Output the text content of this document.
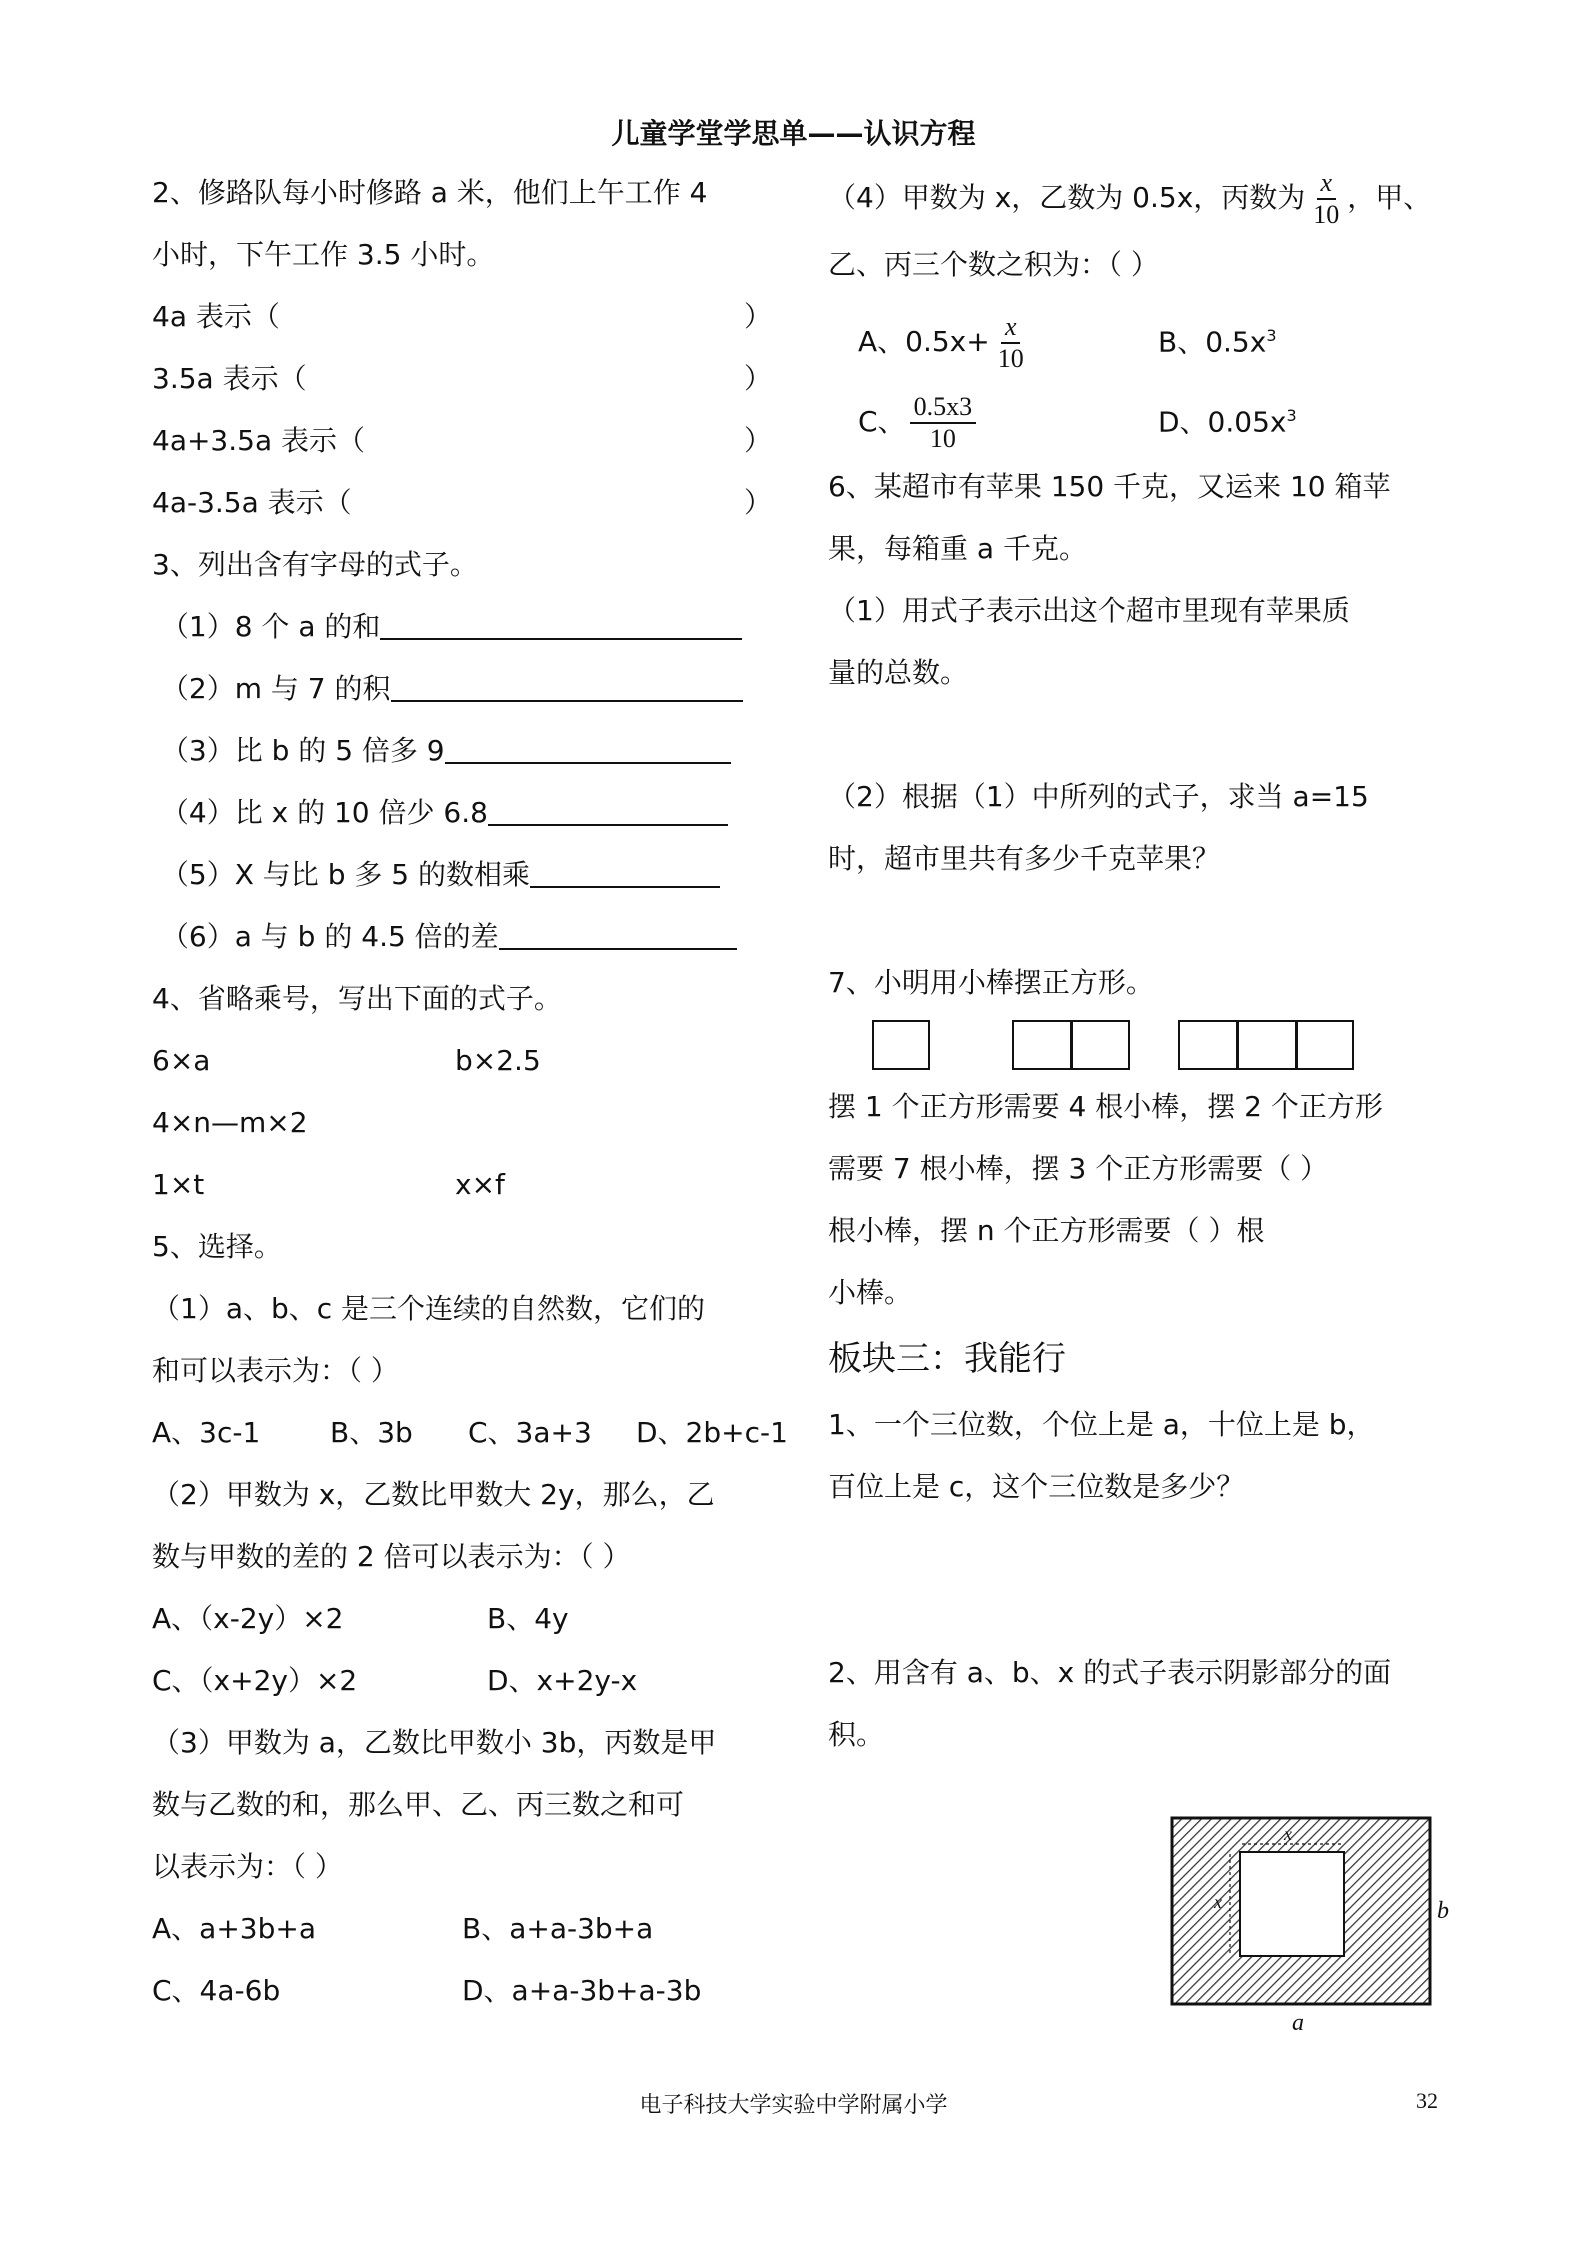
儿童学堂学思单——认识方程
2、修路队每小时修路 a 米，他们上午工作 4
小时，下午工作 3.5 小时。
4a 表示（	）
3.5a 表示（	）
4a+3.5a 表示（	）
4a-3.5a 表示（	）
3、列出含有字母的式子。
（1）8 个 a 的和
（2）m 与 7 的积
（3）比 b 的 5 倍多 9
（4）比 x 的 10 倍少 6.8
（5）X 与比 b 多 5 的数相乘
（6）a 与 b 的 4.5 倍的差
4、省略乘号，写出下面的式子。
6×a	b×2.5
4×n—m×2
1×t	x×f
5、选择。
（1）a、b、c 是三个连续的自然数，它们的
和可以表示为：（ ）
A、3c-1 B、3b C、3a+3 D、2b+c-1
（2）甲数为 x，乙数比甲数大 2y，那么，乙
数与甲数的差的 2 倍可以表示为：（ ）
A、（x-2y）×2	B、4y
C、（x+2y）×2	D、x+2y-x
（3）甲数为 a，乙数比甲数小 3b，丙数是甲
数与乙数的和，那么甲、乙、丙三数之和可
以表示为：（ ）
A、a+3b+a	B、a+a-3b+a
C、4a-6b	D、a+a-3b+a-3b
（4）甲数为 x，乙数为 0.5x，丙数为 $\frac{x}{10}$ ，甲、
乙、丙三个数之积为：（ ）
A、$0.5x+ \frac{x}{10}$	B、$0.5x^3$
C、 $\frac{0.5x3}{10}$	D、$0.05x^3$
6、某超市有苹果 150 千克，又运来 10 箱苹
果，每箱重 a 千克。
（1）用式子表示出这个超市里现有苹果质
量的总数。
（2）根据（1）中所列的式子，求当 a=15
时，超市里共有多少千克苹果？
7、小明用小棒摆正方形。
摆 1 个正方形需要 4 根小棒，摆 2 个正方形
需要 7 根小棒，摆 3 个正方形需要（ ）
根小棒，摆 n 个正方形需要（ ）根
小棒。
板块三：我能行
1、一个三位数，个位上是 a，十位上是 b，
百位上是 c，这个三位数是多少？
2、用含有 a、b、x 的式子表示阴影部分的面
积。
x
x	b
a
电子科技大学实验中学附属小学	32
